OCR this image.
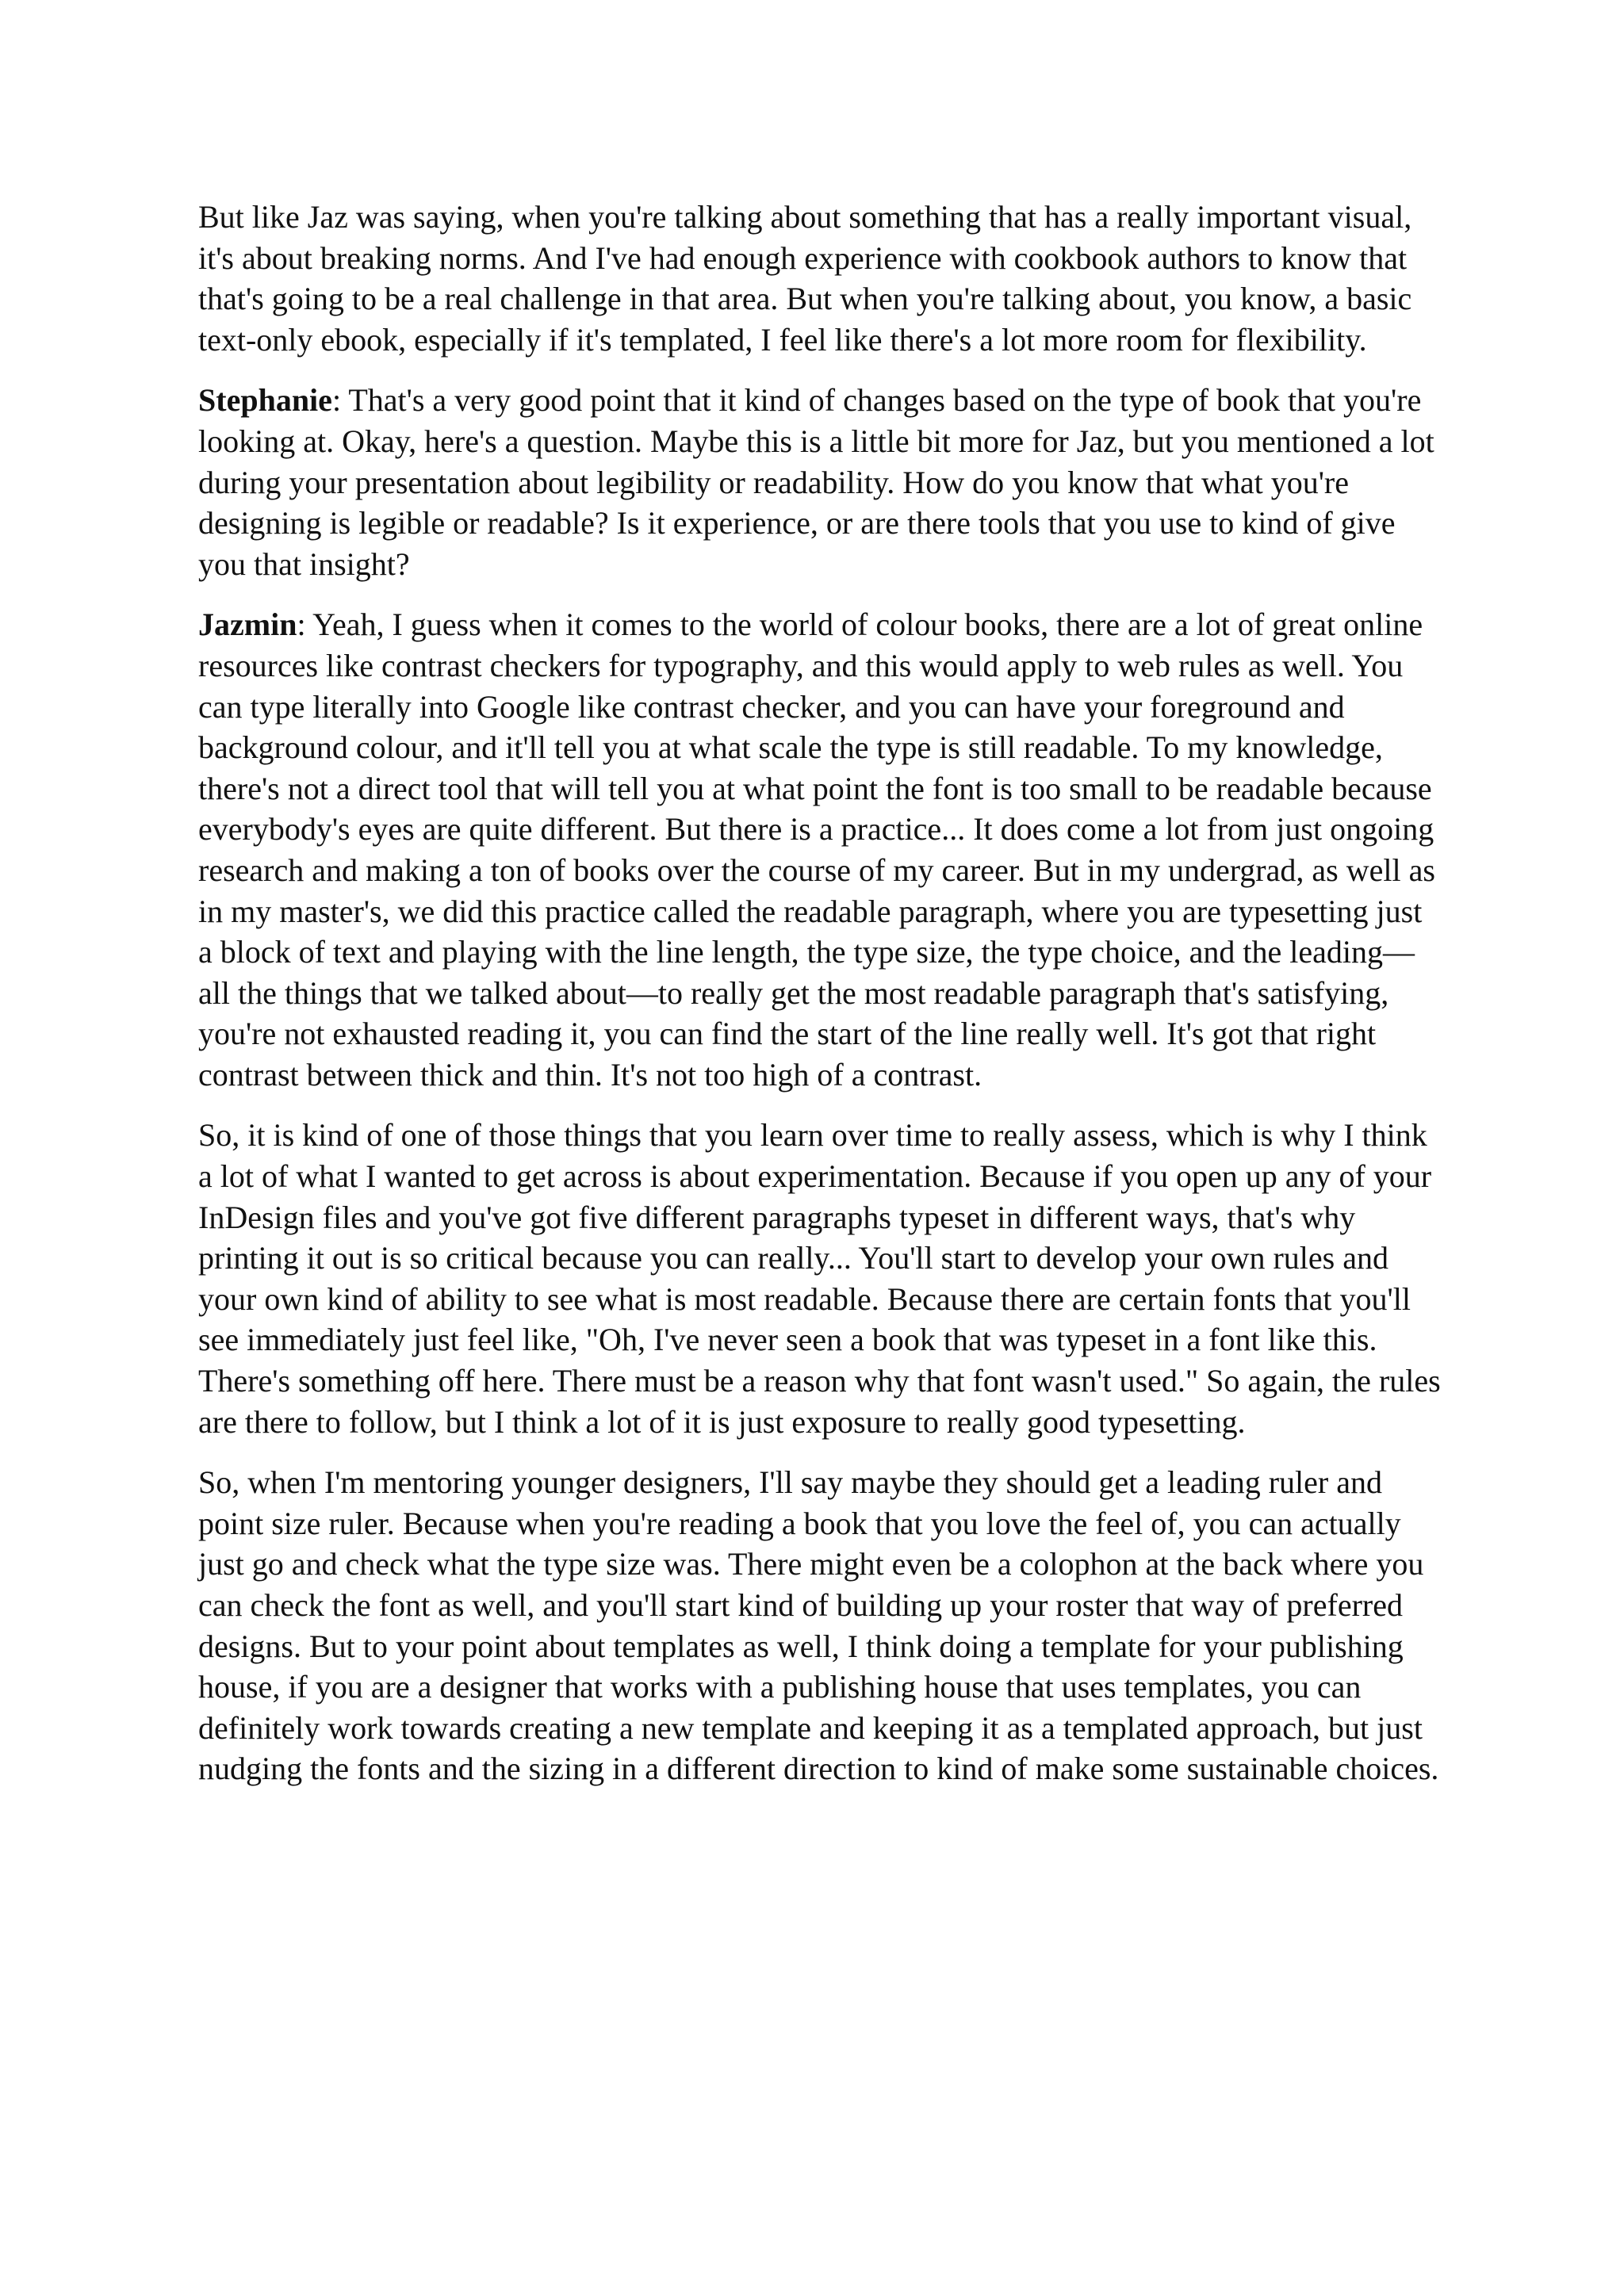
But like Jaz was saying, when you're talking about something that has a really important visual, it's about breaking norms. And I've had enough experience with cookbook authors to know that that's going to be a real challenge in that area. But when you're talking about, you know, a basic text-only ebook, especially if it's templated, I feel like there's a lot more room for flexibility.

Stephanie: That's a very good point that it kind of changes based on the type of book that you're looking at. Okay, here's a question. Maybe this is a little bit more for Jaz, but you mentioned a lot during your presentation about legibility or readability. How do you know that what you're designing is legible or readable? Is it experience, or are there tools that you use to kind of give you that insight?

Jazmin: Yeah, I guess when it comes to the world of colour books, there are a lot of great online resources like contrast checkers for typography, and this would apply to web rules as well. You can type literally into Google like contrast checker, and you can have your foreground and background colour, and it'll tell you at what scale the type is still readable. To my knowledge, there's not a direct tool that will tell you at what point the font is too small to be readable because everybody's eyes are quite different. But there is a practice... It does come a lot from just ongoing research and making a ton of books over the course of my career. But in my undergrad, as well as in my master's, we did this practice called the readable paragraph, where you are typesetting just a block of text and playing with the line length, the type size, the type choice, and the leading—all the things that we talked about—to really get the most readable paragraph that's satisfying, you're not exhausted reading it, you can find the start of the line really well. It's got that right contrast between thick and thin. It's not too high of a contrast.

So, it is kind of one of those things that you learn over time to really assess, which is why I think a lot of what I wanted to get across is about experimentation. Because if you open up any of your InDesign files and you've got five different paragraphs typeset in different ways, that's why printing it out is so critical because you can really... You'll start to develop your own rules and your own kind of ability to see what is most readable. Because there are certain fonts that you'll see immediately just feel like, "Oh, I've never seen a book that was typeset in a font like this. There's something off here. There must be a reason why that font wasn't used." So again, the rules are there to follow, but I think a lot of it is just exposure to really good typesetting.

So, when I'm mentoring younger designers, I'll say maybe they should get a leading ruler and point size ruler. Because when you're reading a book that you love the feel of, you can actually just go and check what the type size was. There might even be a colophon at the back where you can check the font as well, and you'll start kind of building up your roster that way of preferred designs. But to your point about templates as well, I think doing a template for your publishing house, if you are a designer that works with a publishing house that uses templates, you can definitely work towards creating a new template and keeping it as a templated approach, but just nudging the fonts and the sizing in a different direction to kind of make some sustainable choices.
